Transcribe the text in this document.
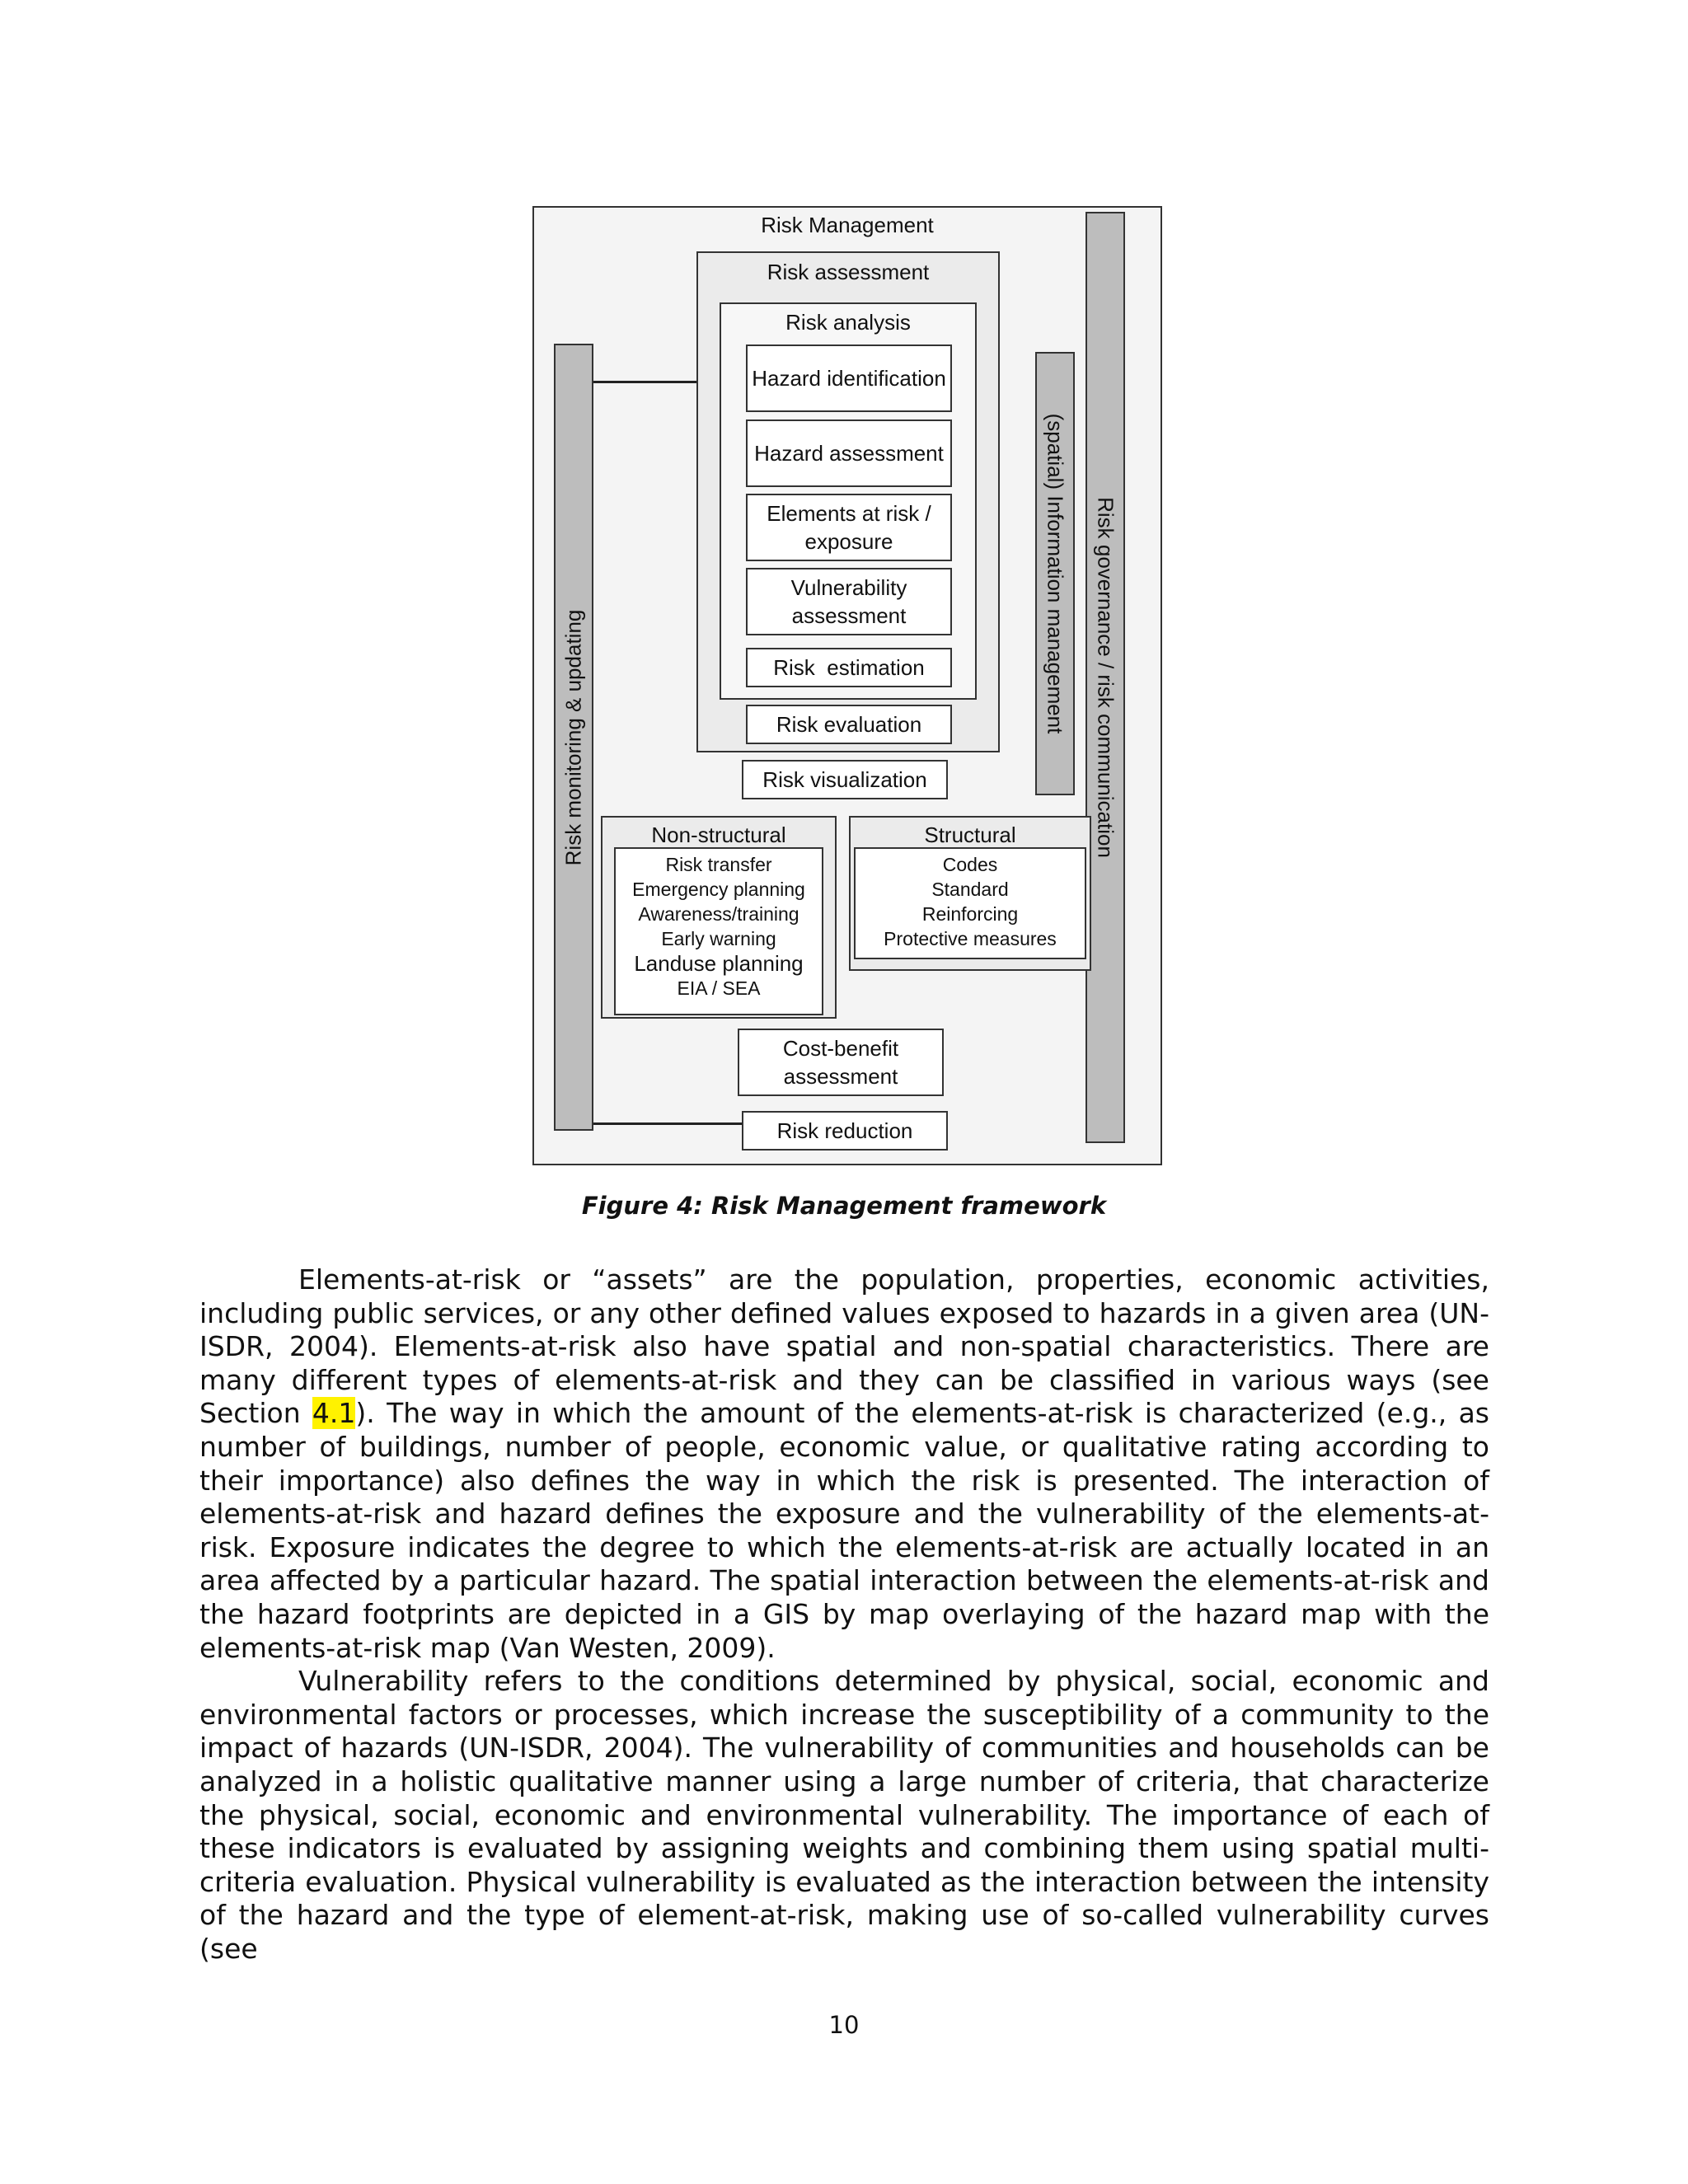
Risk Management
Risk governance / risk communication
Risk monitoring & updating
(spatial) Information management
Risk assessment
Risk analysis
Hazard identification
Hazard assessment
Elements at risk / exposure
Vulnerability assessment
Risk  estimation
Risk evaluation
Risk visualization
Non-structural
Risk transfer
Emergency planning
Awareness/training
Early warning
Landuse planning
EIA / SEA
Structural
Codes
Standard
Reinforcing
Protective measures
Cost-benefit assessment
Risk reduction
Figure 4: Risk Management framework

Elements-at-risk or “assets” are the population, properties, economic activities, including public services, or any other defined values exposed to hazards in a given area (UN-ISDR, 2004). Elements-at-risk also have spatial and non-spatial characteristics. There are many different types of elements-at-risk and they can be classified in various ways (see Section 4.1). The way in which the amount of the elements-at-risk is characterized (e.g., as number of buildings, number of people, economic value, or qualitative rating according to their importance) also defines the way in which the risk is presented. The interaction of elements-at-risk and hazard defines the exposure and the vulnerability of the elements-at-risk. Exposure indicates the degree to which the elements-at-risk are actually located in an area affected by a particular hazard. The spatial interaction between the elements-at-risk and the hazard footprints are depicted in a GIS by map overlaying of the hazard map with the elements-at-risk map (Van Westen, 2009).

Vulnerability refers to the conditions determined by physical, social, economic and environmental factors or processes, which increase the susceptibility of a community to the impact of hazards (UN-ISDR, 2004). The vulnerability of communities and households can be analyzed in a holistic qualitative manner using a large number of criteria, that characterize the physical, social, economic and environmental vulnerability. The importance of each of these indicators is evaluated by assigning weights and combining them using spatial multi-criteria evaluation. Physical vulnerability is evaluated as the interaction between the intensity of the hazard and the type of element-at-risk, making use of so-called vulnerability curves (see

10
